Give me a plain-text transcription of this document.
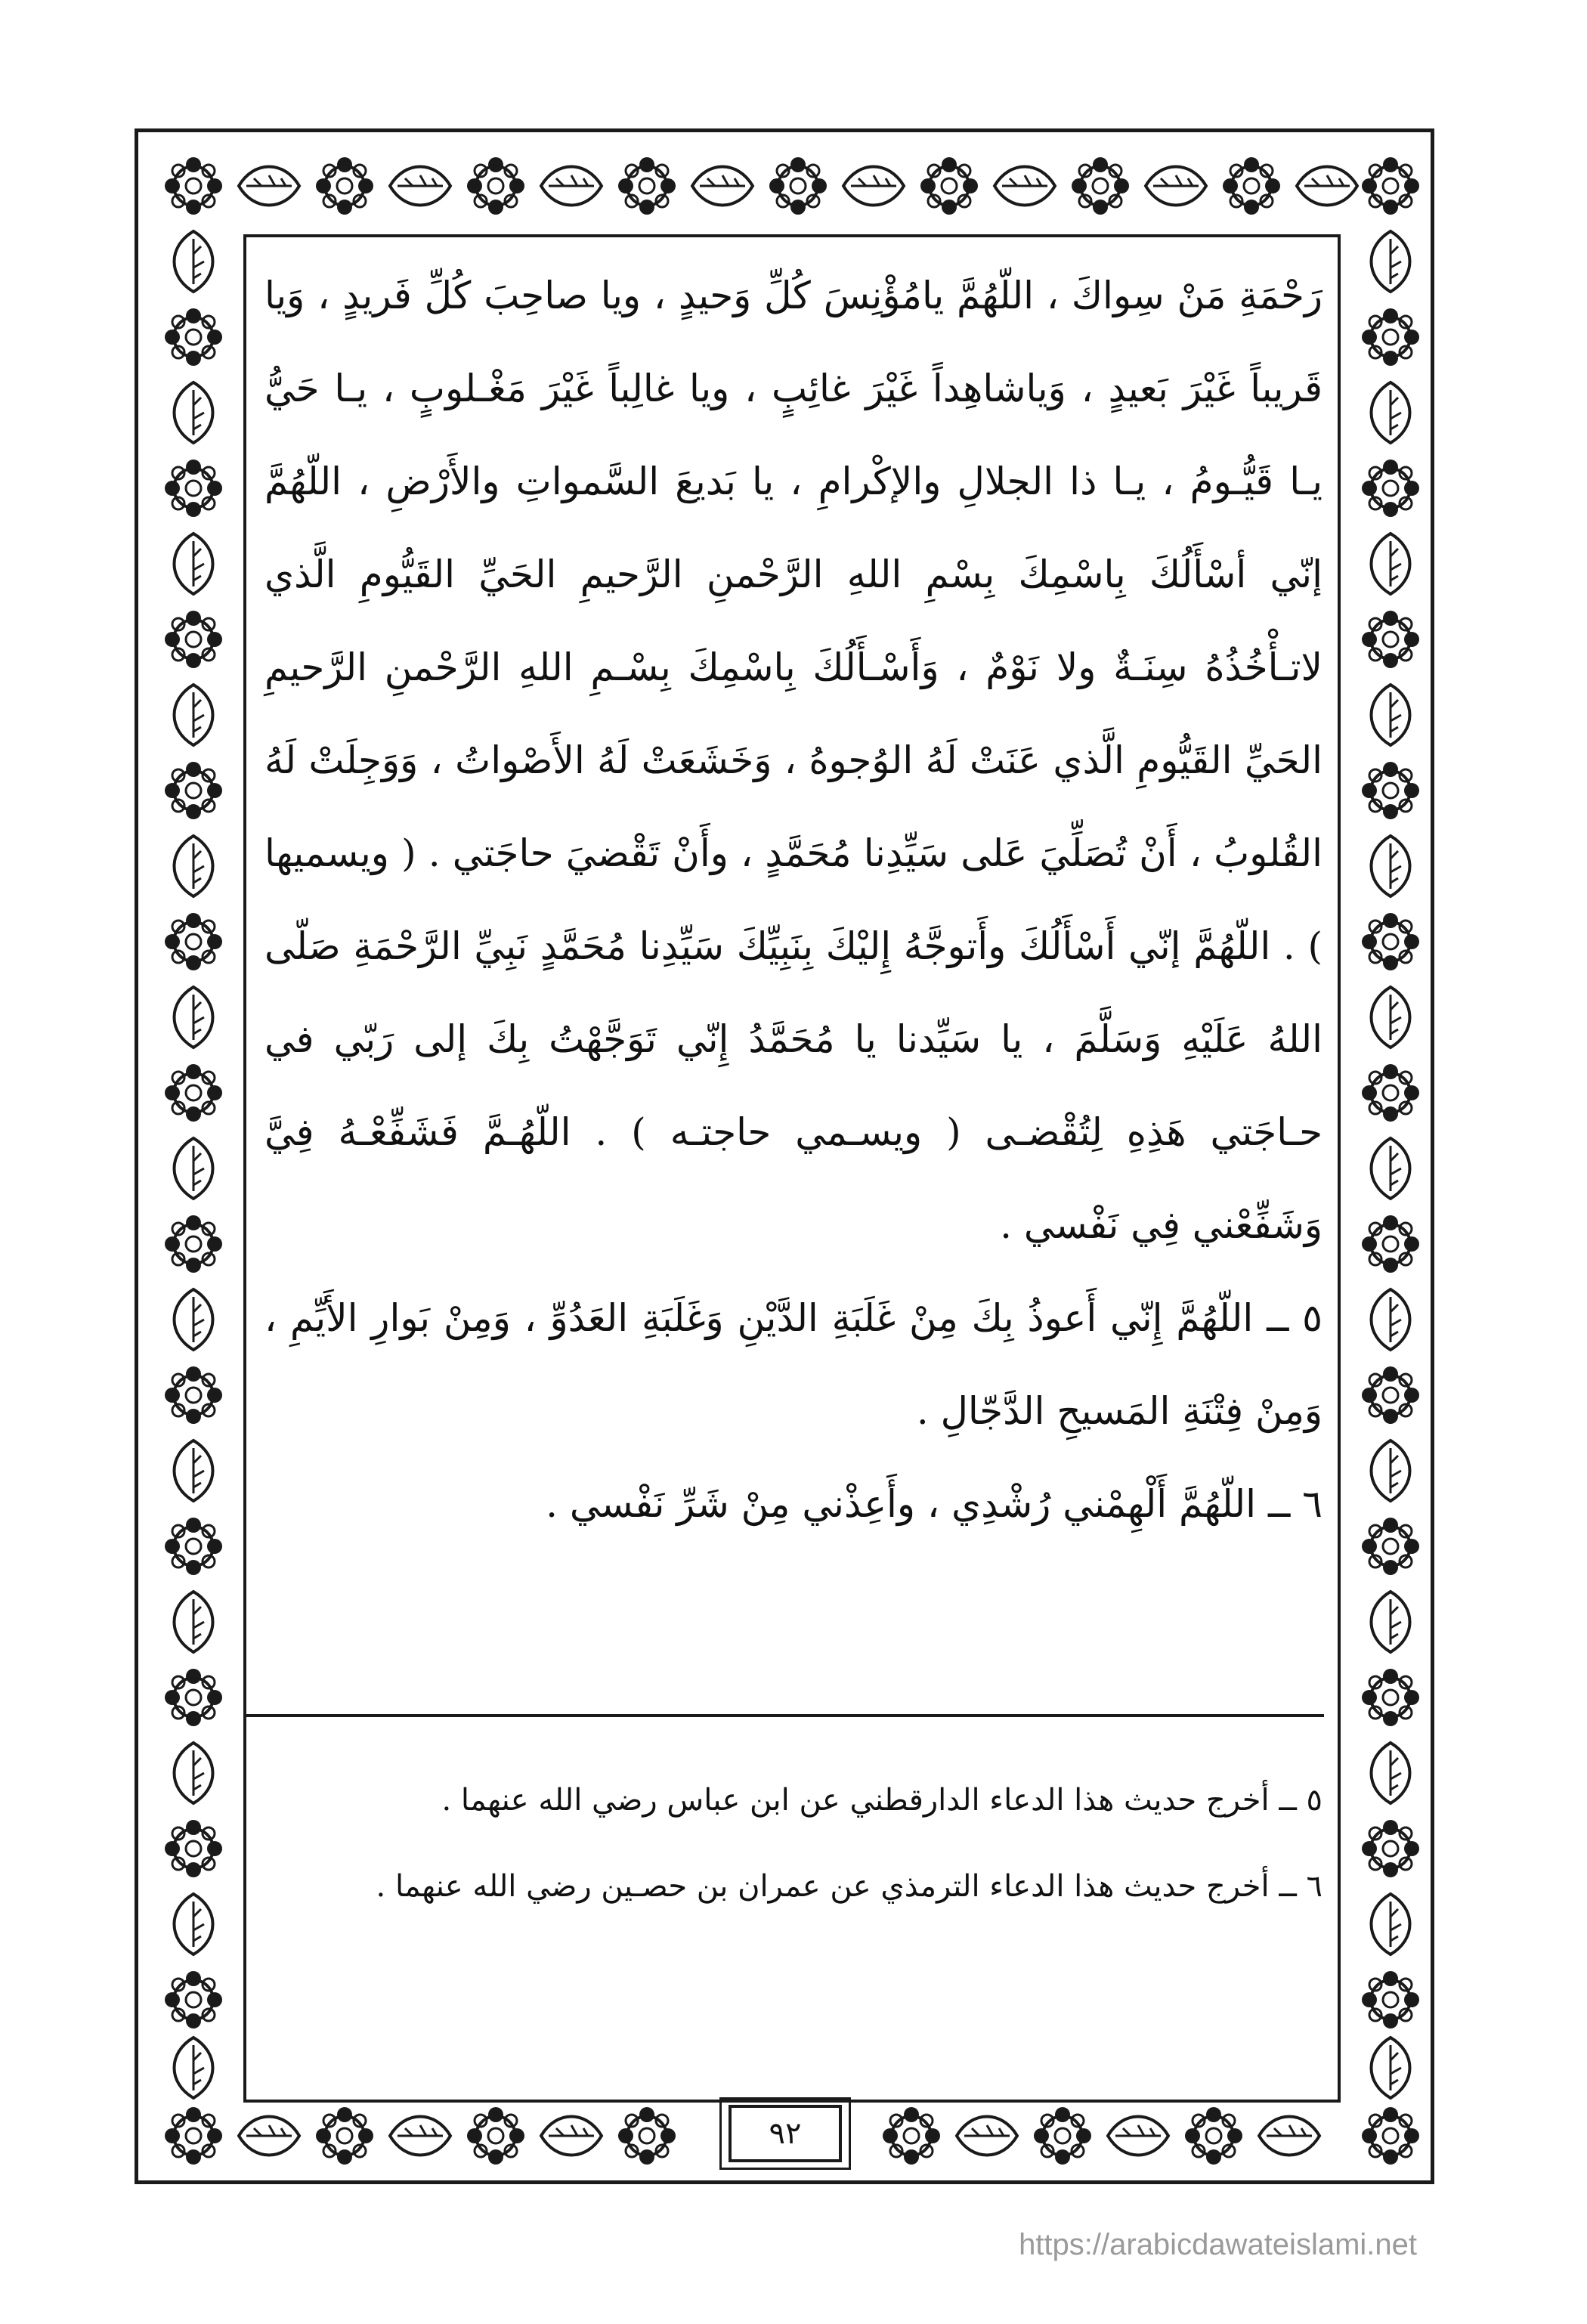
رَحْمَةِ مَنْ سِواكَ ، اللّهُمَّ يامُؤْنِسَ كُلِّ وَحيدٍ ، ويا صاحِبَ كُلِّ فَريدٍ ، وَيا قَريباً غَيْرَ بَعيدٍ ، وَياشاهِداً غَيْرَ غائِبٍ ، ويا غالِباً غَيْرَ مَغْـلوبٍ ، يـا حَيُّ يـا قَيُّـومُ ، يـا ذا الجلالِ والإكْرامِ ، يا بَديعَ السَّمواتِ والأَرْضِ ، اللّهُمَّ إنّي أسْأَلُكَ بِاسْمِكَ بِسْمِ اللهِ الرَّحْمنِ الرَّحيمِ الحَيِّ القَيُّومِ الَّذي لاتـأْخُذُهُ سِنَـةٌ ولا نَوْمٌ ، وَأَسْـأَلُكَ بِاسْمِكَ بِسْـمِ اللهِ الرَّحْمنِ الرَّحيمِ الحَيِّ القَيُّومِ الَّذي عَنَتْ لَهُ الوُجوهُ ، وَخَشَعَتْ لَهُ الأَصْواتُ ، وَوَجِلَتْ لَهُ القُلوبُ ، أَنْ تُصَلِّيَ عَلى سَيِّدِنا مُحَمَّدٍ ، وأَنْ تَقْضيَ حاجَتي . ( ويسميها ) . اللّهُمَّ إنّي أَسْأَلُكَ وأَتوجَّهُ إِليْكَ بِنَبِيِّكَ سَيِّدِنا مُحَمَّدٍ نَبِيِّ الرَّحْمَةِ صَلّى اللهُ عَلَيْهِ وَسَلَّمَ ، يا سَيِّدنا يا مُحَمَّدُ إِنّي تَوَجَّهْتُ بِكَ إلى رَبّي في حـاجَتي هَذِهِ لِتُقْضـى ( ويسـمي حاجتـه ) . اللّهُـمَّ فَشَفِّعْـهُ فِيَّ وَشَفِّعْني فِي نَفْسي .

٥ ــ اللّهُمَّ إِنّي أَعوذُ بِكَ مِنْ غَلَبَةِ الدَّيْنِ وَغَلَبَةِ العَدُوِّ ، وَمِنْ بَوارِ الأَيِّمِ ، وَمِنْ فِتْنَةِ المَسيحِ الدَّجّالِ .

٦ ــ اللّهُمَّ أَلْهِمْني رُشْدِي ، وأَعِذْني مِنْ شَرِّ نَفْسي .

٥ ــ أخرج حديث هذا الدعاء الدارقطني عن ابن عباس رضي الله عنهما .

٦ ــ أخرج حديث هذا الدعاء الترمذي عن عمران بن حصـين رضي الله عنهما .

٩٢
https://arabicdawateislami.net
